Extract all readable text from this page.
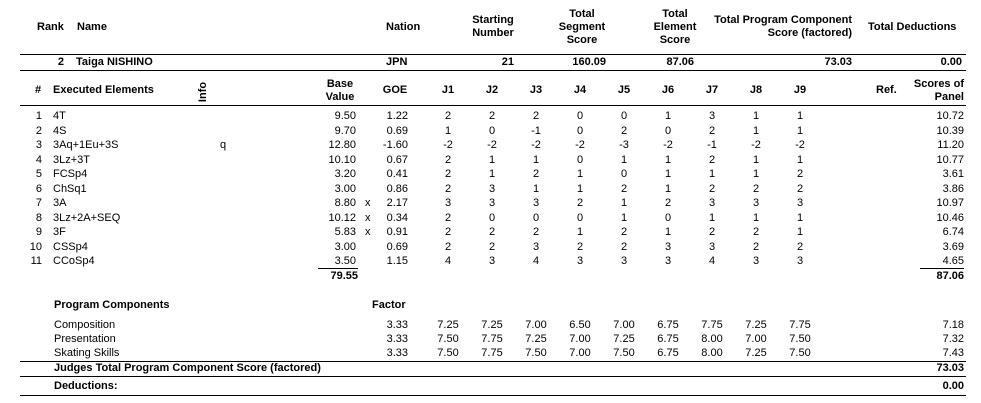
Rank Name	Nation
Starting
Number
Total
Segment
Score
Total
Element
Score
Total Program Component
Score (factored) Total Deductions
2 Taiga NISHINO	JPN	21	160.09	87.06	73.03	0.00
# Executed Elements	Info	Base
Value
GOE	J1	J2	J3	J4	J5	J6	J7	J8	J9	Ref.	Scores of
Panel
1 4T	9.50	1.22	2	2	2	0	0	1	3	1	1	10.72
2 4S	9.70	0.69	1	0	-1	0	2	0	2	1	1	10.39
3 3Aq+1Eu+3S	q	12.80	-1.60	-2	-2	-2	-2	-3	-2	-1	-2	-2	11.20
4 3Lz+3T	10.10	0.67	2	1	1	0	1	1	2	1	1	10.77
5 FCSp4	3.20	0.41	2	1	2	1	0	1	1	1	2	3.61
6 ChSq1	3.00	0.86	2	3	1	1	2	1	2	2	2	3.86
7 3A	8.80 x	2.17	3	3	3	2	1	2	3	3	3	10.97
8 3Lz+2A+SEQ	10.12 x	0.34	2	0	0	0	1	0	1	1	1	10.46
9 3F	5.83 x	0.91	2	2	2	1	2	1	2	2	1	6.74
10 CSSp4	3.00	0.69	2	2	3	2	2	3	3	2	2	3.69
11 CCoSp4	3.50	1.15	4	3	4	3	3	3	4	3	3	4.65
79.55	87.06
Program Components	Factor
Composition	3.33	7.25	7.25	7.00	6.50	7.00	6.75	7.75	7.25	7.75	7.18
Presentation	3.33	7.50	7.75	7.25	7.00	7.25	6.75	8.00	7.00	7.50	7.32
Skating Skills	3.33	7.50	7.75	7.50	7.00	7.50	6.75	8.00	7.25	7.50	7.43
Judges Total Program Component Score (factored)	73.03
Deductions:	0.00
